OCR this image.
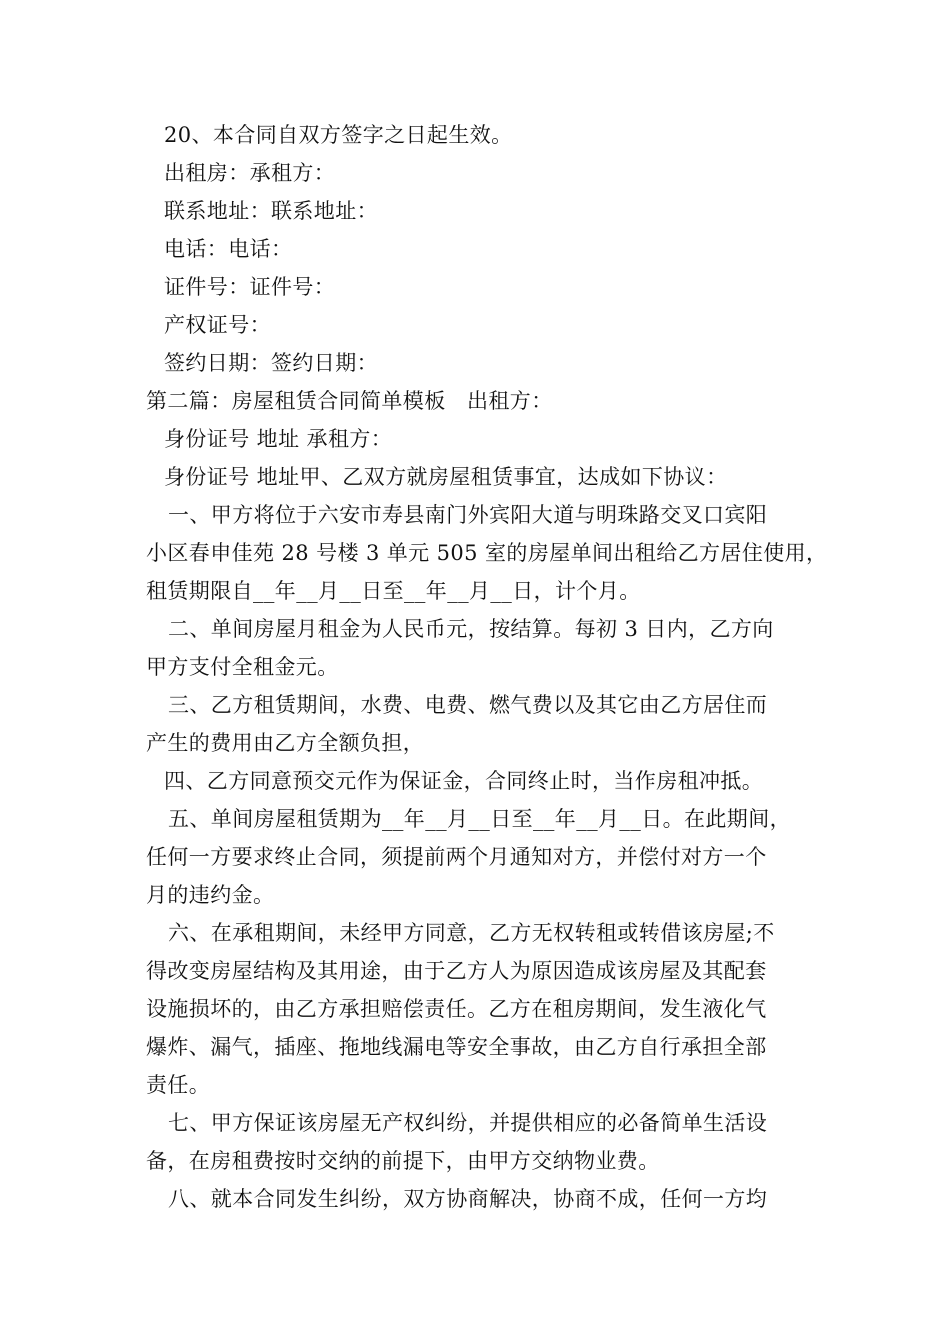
20、本合同自双方签字之日起生效。
出租房：承租方：
联系地址：联系地址：
电话：电话：
证件号：证件号：
产权证号：
签约日期：签约日期：
第二篇：房屋租赁合同简单模板　出租方：
身份证号 地址 承租方：
身份证号 地址甲、乙双方就房屋租赁事宜，达成如下协议：
一、甲方将位于六安市寿县南门外宾阳大道与明珠路交叉口宾阳
小区春申佳苑 28 号楼 3 单元 505 室的房屋单间出租给乙方居住使用，
租赁期限自__年__月__日至__年__月__日，计个月。
二、单间房屋月租金为人民币元，按结算。每初 3 日内，乙方向
甲方支付全租金元。
三、乙方租赁期间，水费、电费、燃气费以及其它由乙方居住而
产生的费用由乙方全额负担，
四、乙方同意预交元作为保证金，合同终止时，当作房租冲抵。
五、单间房屋租赁期为__年__月__日至__年__月__日。在此期间，
任何一方要求终止合同，须提前两个月通知对方，并偿付对方一个
月的违约金。
六、在承租期间，未经甲方同意，乙方无权转租或转借该房屋;不
得改变房屋结构及其用途，由于乙方人为原因造成该房屋及其配套
设施损坏的，由乙方承担赔偿责任。乙方在租房期间，发生液化气
爆炸、漏气，插座、拖地线漏电等安全事故，由乙方自行承担全部
责任。
七、甲方保证该房屋无产权纠纷，并提供相应的必备简单生活设
备，在房租费按时交纳的前提下，由甲方交纳物业费。
八、就本合同发生纠纷，双方协商解决，协商不成，任何一方均
